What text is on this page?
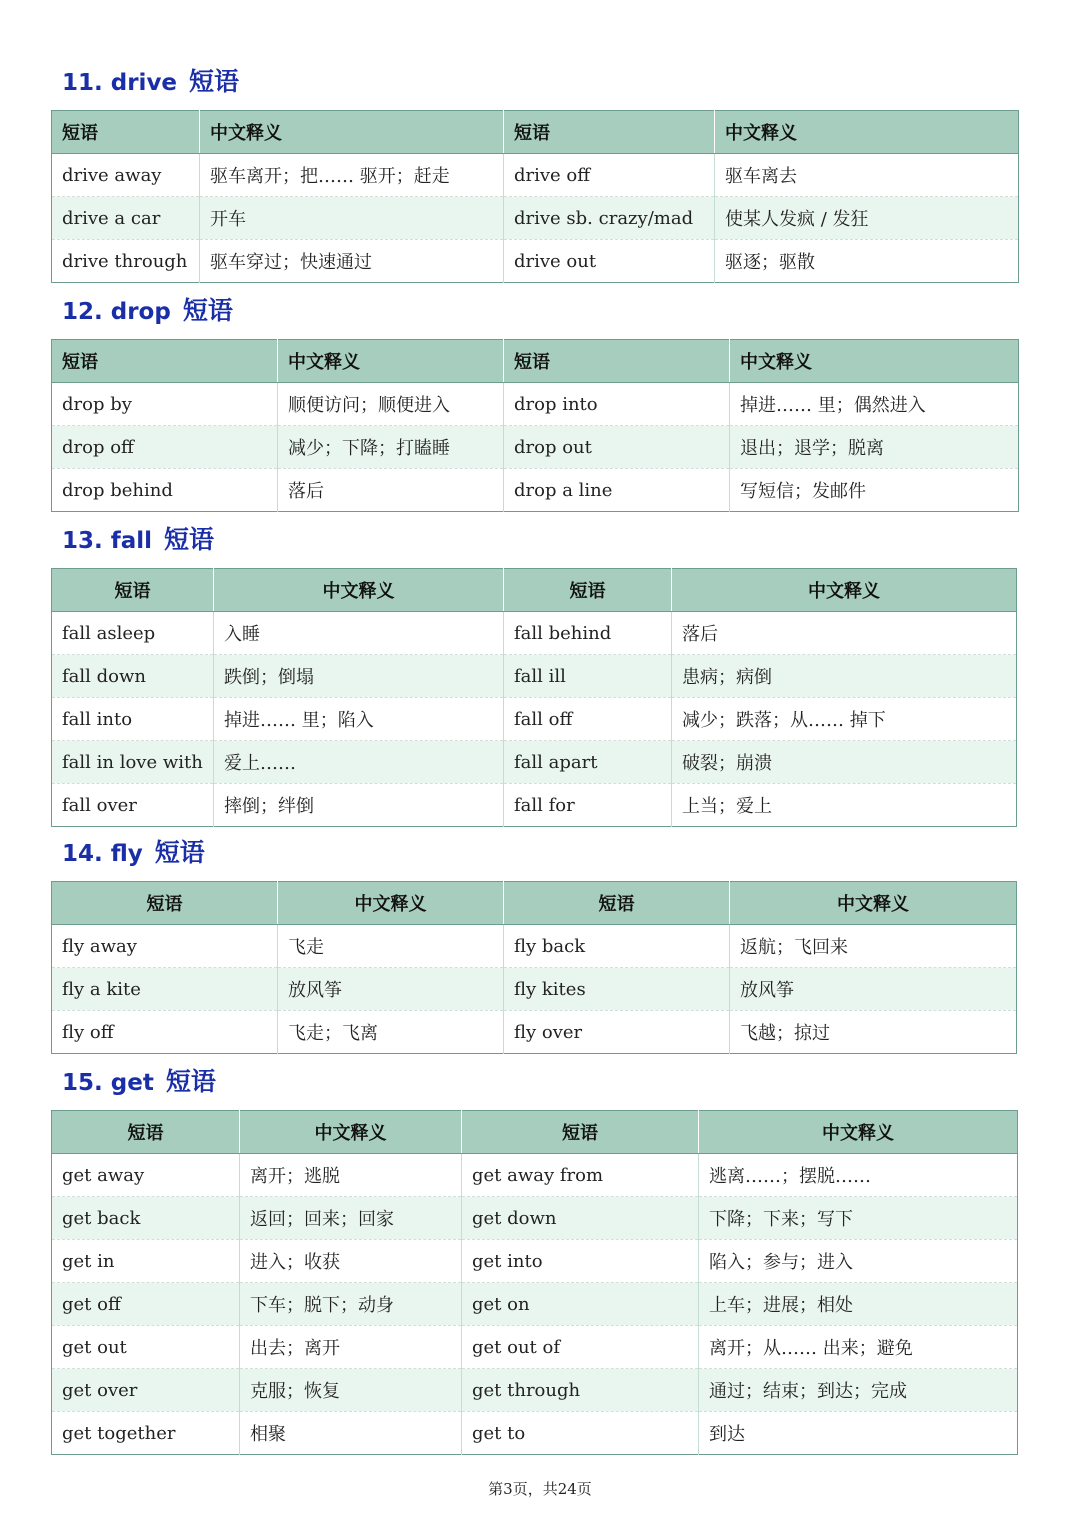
11. drive 短语
短语	中文释义	短语	中文释义
drive away	驱车离开；把…… 驱开；赶走	drive off	驱车离去
drive a car	开车	drive sb. crazy/mad	使某人发疯 / 发狂
drive through	驱车穿过；快速通过	drive out	驱逐；驱散
12. drop 短语
短语	中文释义	短语	中文释义
drop by	顺便访问；顺便进入	drop into	掉进…… 里；偶然进入
drop off	减少；下降；打瞌睡	drop out	退出；退学；脱离
drop behind	落后	drop a line	写短信；发邮件
13. fall 短语
短语	中文释义	短语	中文释义
fall asleep	入睡	fall behind	落后
fall down	跌倒；倒塌	fall ill	患病；病倒
fall into	掉进…… 里；陷入	fall off	减少；跌落；从…… 掉下
fall in love with	爱上……	fall apart	破裂；崩溃
fall over	摔倒；绊倒	fall for	上当；爱上
14. fly 短语
短语	中文释义	短语	中文释义
fly away	飞走	fly back	返航；飞回来
fly a kite	放风筝	fly kites	放风筝
fly off	飞走；飞离	fly over	飞越；掠过
15. get 短语
短语	中文释义	短语	中文释义
get away	离开；逃脱	get away from	逃离……；摆脱……
get back	返回；回来；回家	get down	下降；下来；写下
get in	进入；收获	get into	陷入；参与；进入
get off	下车；脱下；动身	get on	上车；进展；相处
get out	出去；离开	get out of	离开；从…… 出来；避免
get over	克服；恢复	get through	通过；结束；到达；完成
get together	相聚	get to	到达
第3页，共24页
